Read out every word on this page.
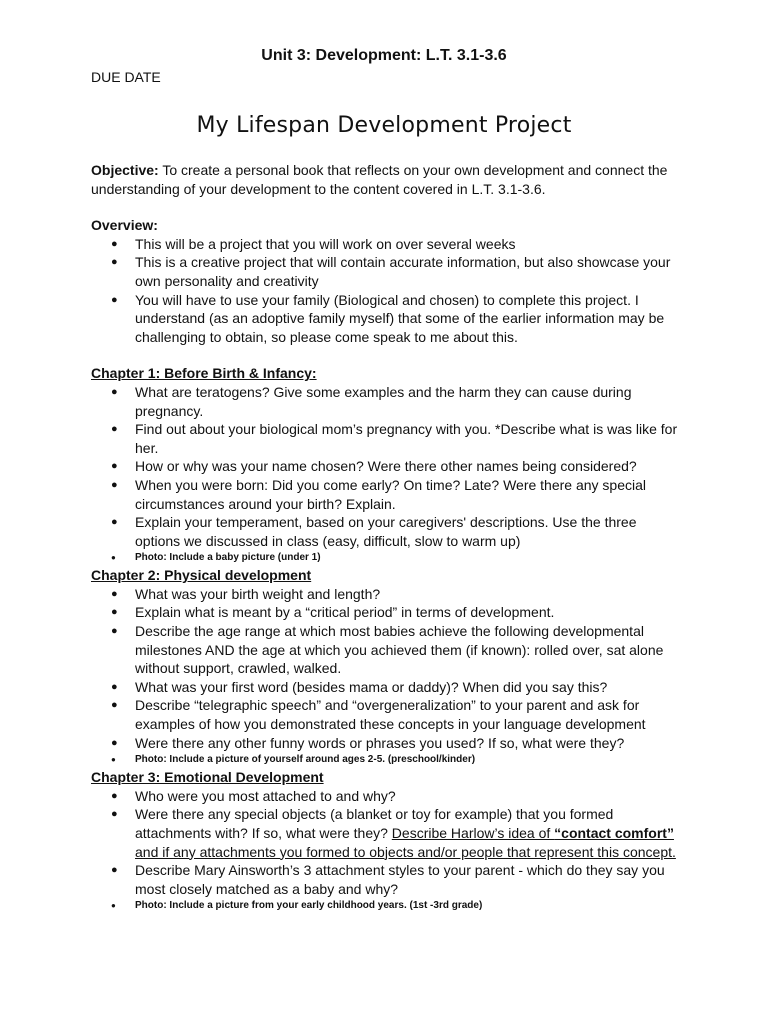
Unit 3: Development: L.T. 3.1-3.6
DUE DATE
My Lifespan Development Project

Objective: To create a personal book that reflects on your own development and connect the understanding of your development to the content covered in L.T. 3.1-3.6.

Overview:

● This will be a project that you will work on over several weeks
● This is a creative project that will contain accurate information, but also showcase your own personality and creativity
● You will have to use your family (Biological and chosen) to complete this project. I understand (as an adoptive family myself) that some of the earlier information may be challenging to obtain, so please come speak to me about this.

Chapter 1: Before Birth & Infancy:

● What are teratogens? Give some examples and the harm they can cause during pregnancy.
● Find out about your biological mom’s pregnancy with you. *Describe what is was like for her.
● How or why was your name chosen? Were there other names being considered?
● When you were born: Did you come early? On time? Late? Were there any special circumstances around your birth? Explain.
● Explain your temperament, based on your caregivers' descriptions. Use the three options we discussed in class (easy, difficult, slow to warm up)
● Photo: Include a baby picture (under 1)

Chapter 2: Physical development

● What was your birth weight and length?
● Explain what is meant by a “critical period” in terms of development.
● Describe the age range at which most babies achieve the following developmental milestones AND the age at which you achieved them (if known): rolled over, sat alone without support, crawled, walked.
● What was your first word (besides mama or daddy)? When did you say this?
● Describe “telegraphic speech” and “overgeneralization” to your parent and ask for examples of how you demonstrated these concepts in your language development
● Were there any other funny words or phrases you used? If so, what were they?
● Photo: Include a picture of yourself around ages 2-5. (preschool/kinder)

Chapter 3: Emotional Development

● Who were you most attached to and why?
● Were there any special objects (a blanket or toy for example) that you formed attachments with? If so, what were they? Describe Harlow’s idea of “contact comfort” and if any attachments you formed to objects and/or people that represent this concept.
● Describe Mary Ainsworth’s 3 attachment styles to your parent - which do they say you most closely matched as a baby and why?
● Photo: Include a picture from your early childhood years. (1st -3rd grade)
